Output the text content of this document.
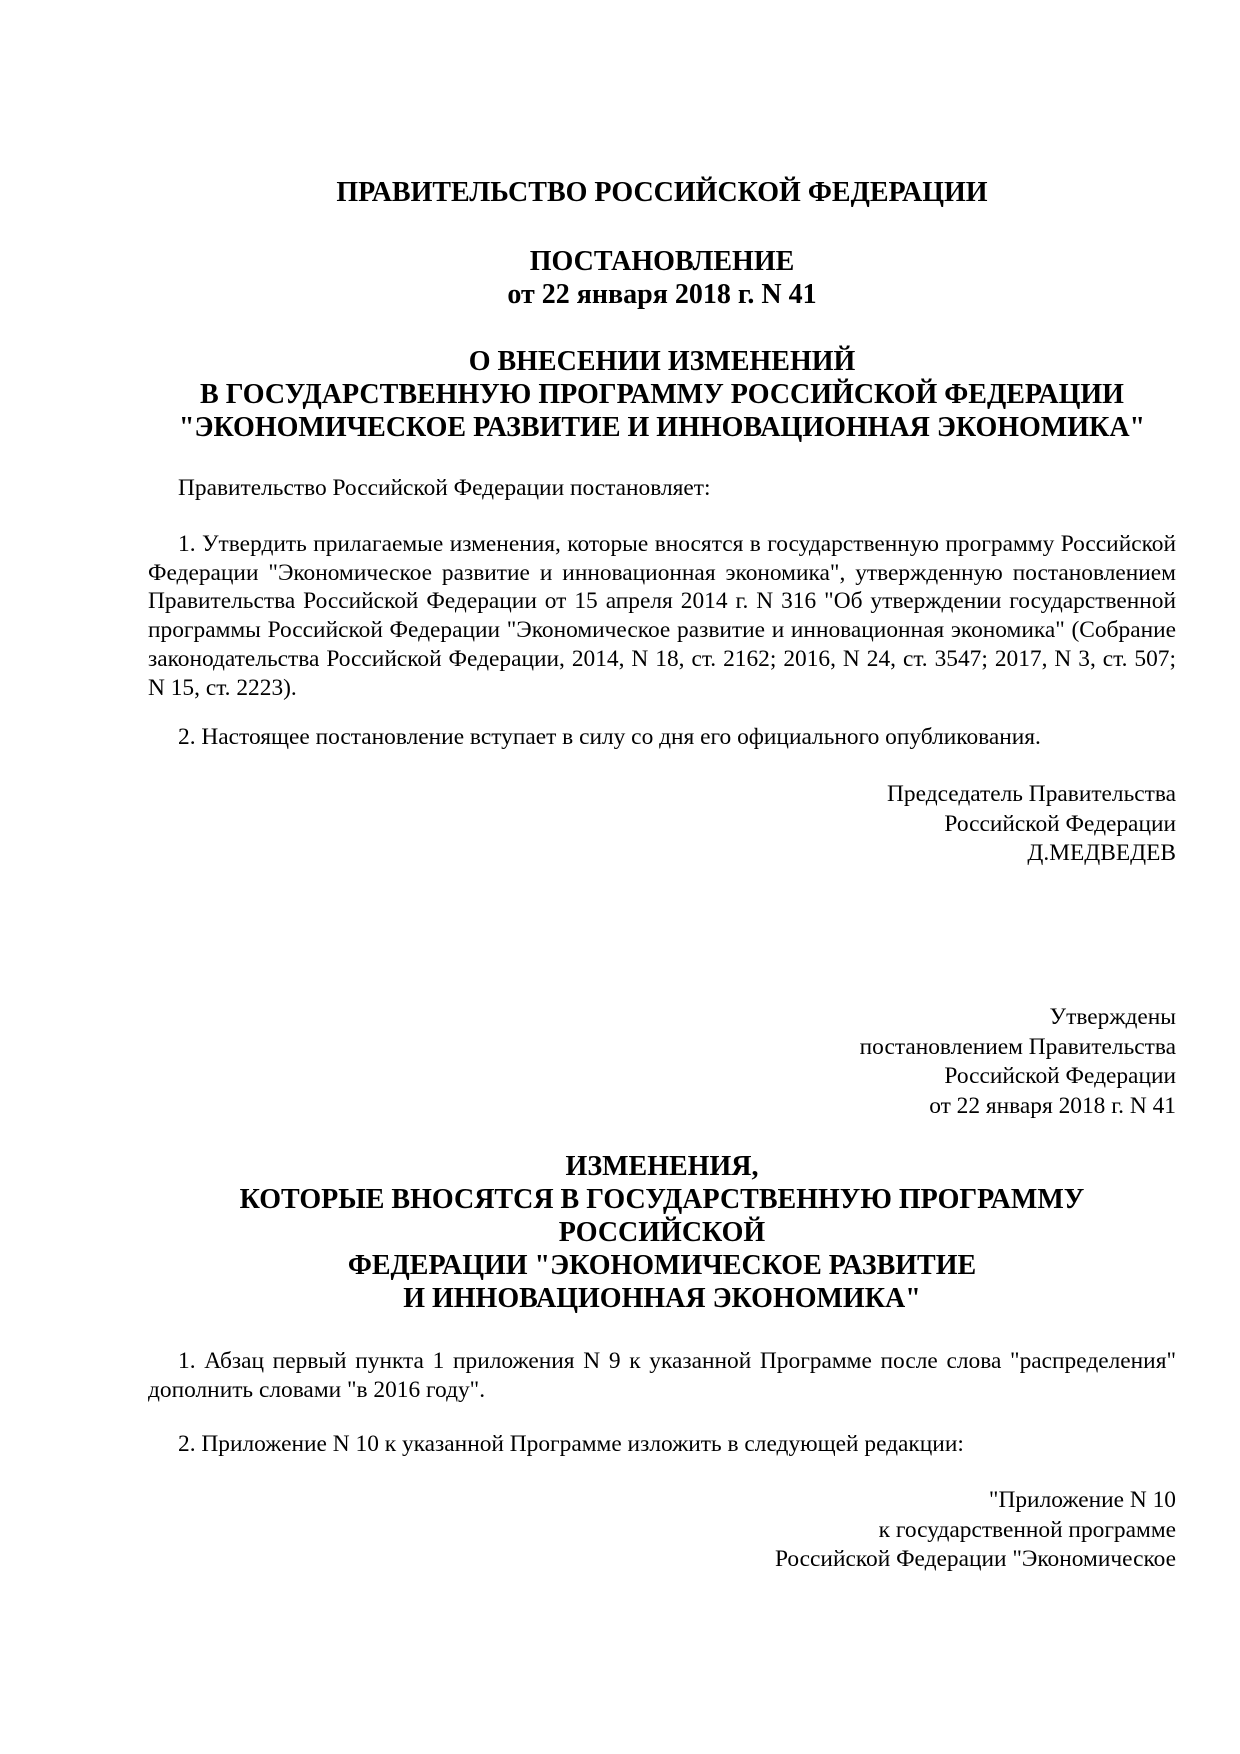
ПРАВИТЕЛЬСТВО РОССИЙСКОЙ ФЕДЕРАЦИИ

ПОСТАНОВЛЕНИЕ
от 22 января 2018 г. N 41

О ВНЕСЕНИИ ИЗМЕНЕНИЙ
В ГОСУДАРСТВЕННУЮ ПРОГРАММУ РОССИЙСКОЙ ФЕДЕРАЦИИ
"ЭКОНОМИЧЕСКОЕ РАЗВИТИЕ И ИННОВАЦИОННАЯ ЭКОНОМИКА"

Правительство Российской Федерации постановляет:

1. Утвердить прилагаемые изменения, которые вносятся в государственную программу Российской Федерации "Экономическое развитие и инновационная экономика", утвержденную постановлением Правительства Российской Федерации от 15 апреля 2014 г. N 316 "Об утверждении государственной программы Российской Федерации "Экономическое развитие и инновационная экономика" (Собрание законодательства Российской Федерации, 2014, N 18, ст. 2162; 2016, N 24, ст. 3547; 2017, N 3, ст. 507; N 15, ст. 2223).

2. Настоящее постановление вступает в силу со дня его официального опубликования.

Председатель Правительства
Российской Федерации
Д.МЕДВЕДЕВ

Утверждены
постановлением Правительства
Российской Федерации
от 22 января 2018 г. N 41

ИЗМЕНЕНИЯ,
КОТОРЫЕ ВНОСЯТСЯ В ГОСУДАРСТВЕННУЮ ПРОГРАММУ
РОССИЙСКОЙ
ФЕДЕРАЦИИ "ЭКОНОМИЧЕСКОЕ РАЗВИТИЕ
И ИННОВАЦИОННАЯ ЭКОНОМИКА"

1. Абзац первый пункта 1 приложения N 9 к указанной Программе после слова "распределения" дополнить словами "в 2016 году".

2. Приложение N 10 к указанной Программе изложить в следующей редакции:

"Приложение N 10
к государственной программе
Российской Федерации "Экономическое
